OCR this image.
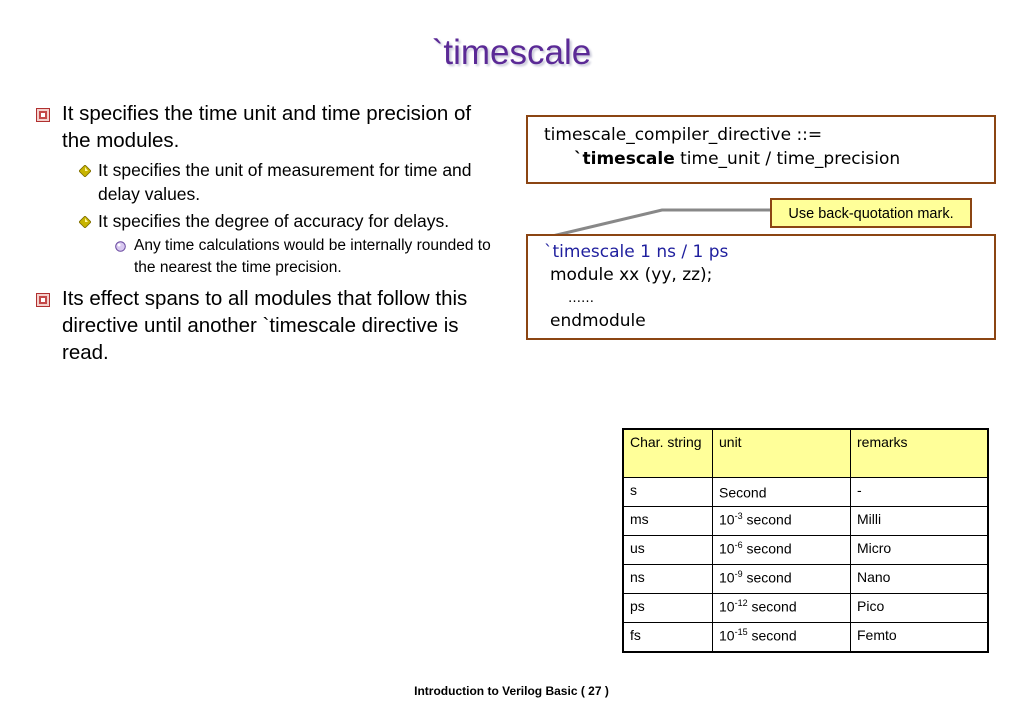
`timescale
It specifies the time unit and time precision of the modules.
It specifies the unit of measurement for time and delay values.
It specifies the degree of accuracy for delays.
Any time calculations would be internally rounded to the nearest the time precision.
Its effect spans to all modules that follow this directive until another `timescale directive is read.
timescale_compiler_directive ::=
`timescale time_unit / time_precision
Use back-quotation mark.
`timescale 1 ns / 1 ps
module xx (yy, zz);
……
endmodule
Char. string	unit	remarks
s	Second	-
ms	$10^{-3}$ second	Milli
us	$10^{-6}$ second	Micro
ns	$10^{-9}$ second	Nano
ps	$10^{-12}$ second	Pico
fs	$10^{-15}$ second	Femto
Introduction to Verilog Basic ( 27 )
